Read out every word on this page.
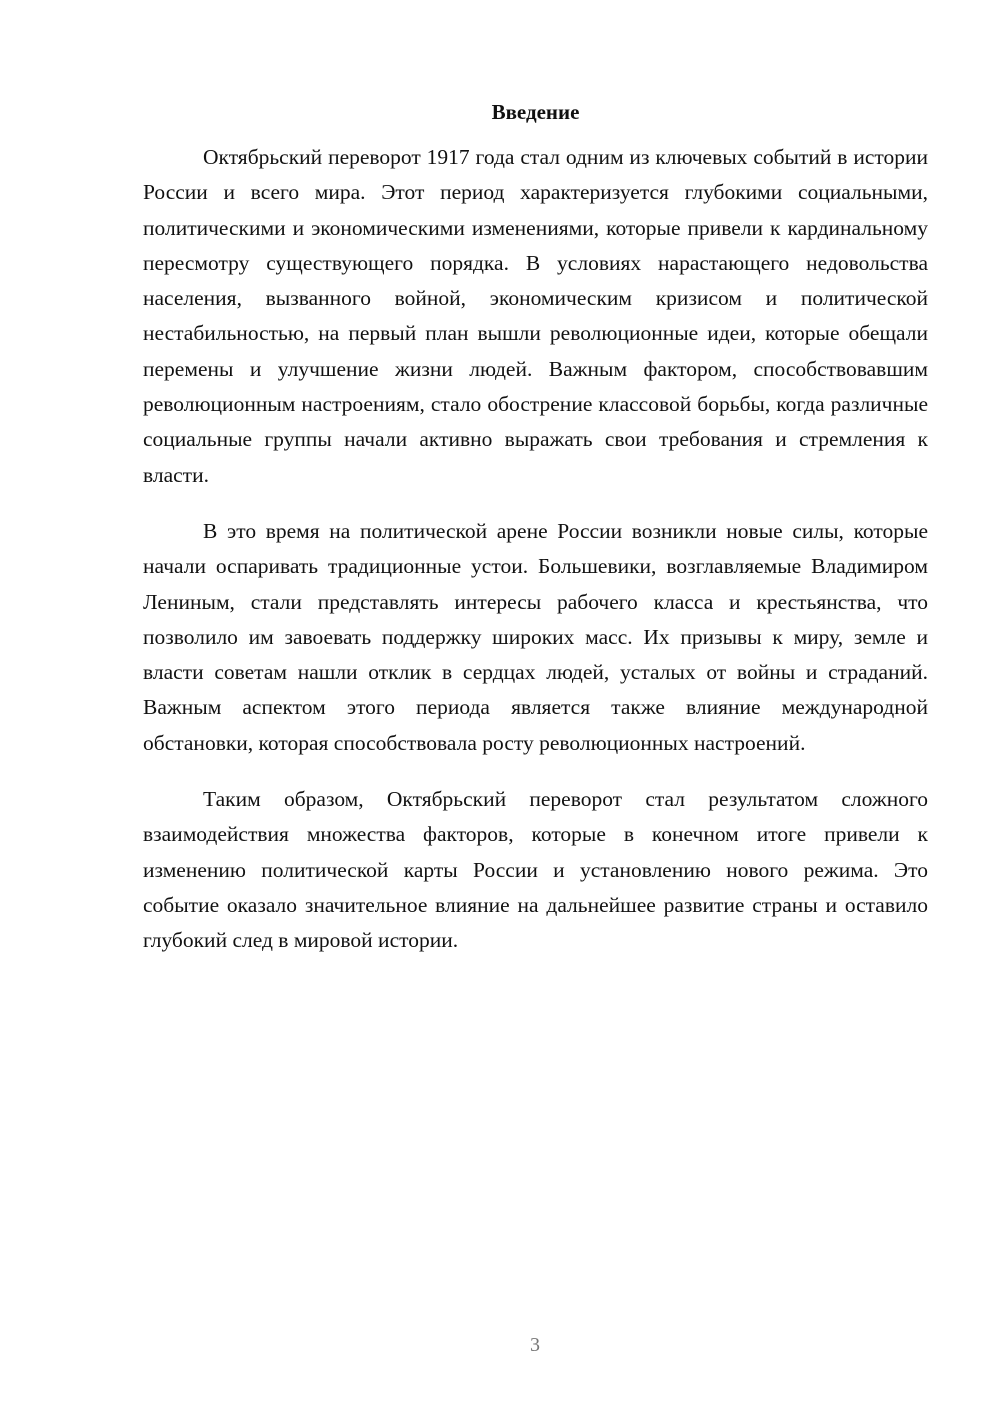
Введение

Октябрьский переворот 1917 года стал одним из ключевых событий в истории России и всего мира. Этот период характеризуется глубокими социальными, политическими и экономическими изменениями, которые привели к кардинальному пересмотру существующего порядка. В условиях нарастающего недовольства населения, вызванного войной, экономическим кризисом и политической нестабильностью, на первый план вышли революционные идеи, которые обещали перемены и улучшение жизни людей. Важным фактором, способствовавшим революционным настроениям, стало обострение классовой борьбы, когда различные социальные группы начали активно выражать свои требования и стремления к власти.

В это время на политической арене России возникли новые силы, которые начали оспаривать традиционные устои. Большевики, возглавляемые Владимиром Лениным, стали представлять интересы рабочего класса и крестьянства, что позволило им завоевать поддержку широких масс. Их призывы к миру, земле и власти советам нашли отклик в сердцах людей, усталых от войны и страданий. Важным аспектом этого периода является также влияние международной обстановки, которая способствовала росту революционных настроений.

Таким образом, Октябрьский переворот стал результатом сложного взаимодействия множества факторов, которые в конечном итоге привели к изменению политической карты России и установлению нового режима. Это событие оказало значительное влияние на дальнейшее развитие страны и оставило глубокий след в мировой истории.

3
